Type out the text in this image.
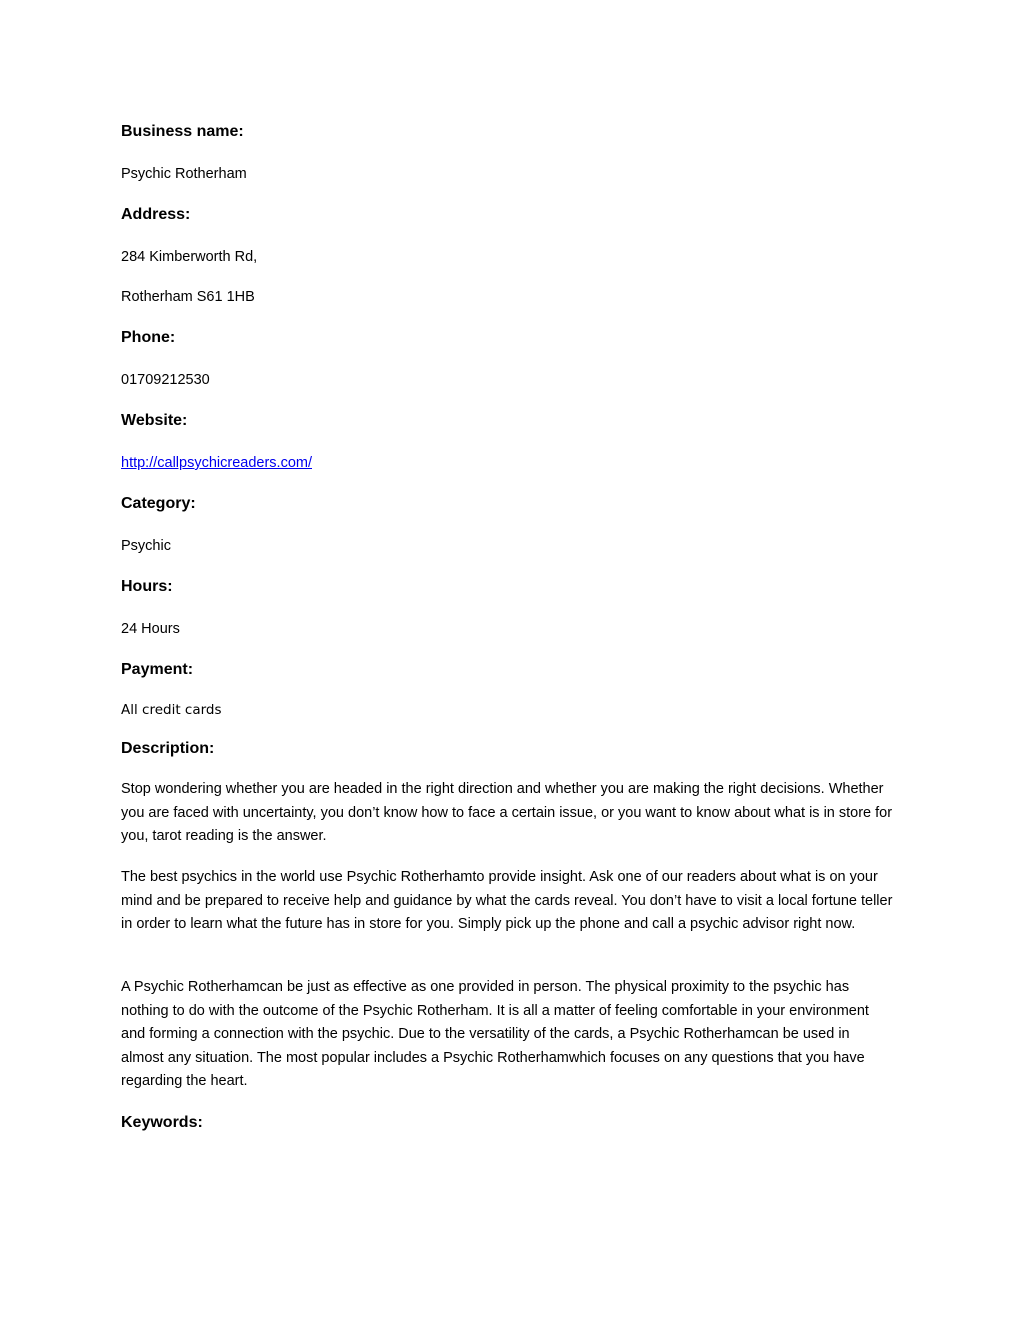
Business name:
Psychic Rotherham
Address:
284 Kimberworth Rd,
Rotherham S61 1HB
Phone:
01709212530
Website:
http://callpsychicreaders.com/
Category:
Psychic
Hours:
24 Hours
Payment:
All credit cards
Description:

Stop wondering whether you are headed in the right direction and whether you are making the right decisions. Whether you are faced with uncertainty, you don’t know how to face a certain issue, or you want to know about what is in store for you, tarot reading is the answer.

The best psychics in the world use Psychic Rotherhamto provide insight. Ask one of our readers about what is on your mind and be prepared to receive help and guidance by what the cards reveal. You don’t have to visit a local fortune teller in order to learn what the future has in store for you. Simply pick up the phone and call a psychic advisor right now.

A Psychic Rotherhamcan be just as effective as one provided in person. The physical proximity to the psychic has nothing to do with the outcome of the Psychic Rotherham. It is all a matter of feeling comfortable in your environment and forming a connection with the psychic. Due to the versatility of the cards, a Psychic Rotherhamcan be used in almost any situation. The most popular includes a Psychic Rotherhamwhich focuses on any questions that you have regarding the heart.

Keywords:
